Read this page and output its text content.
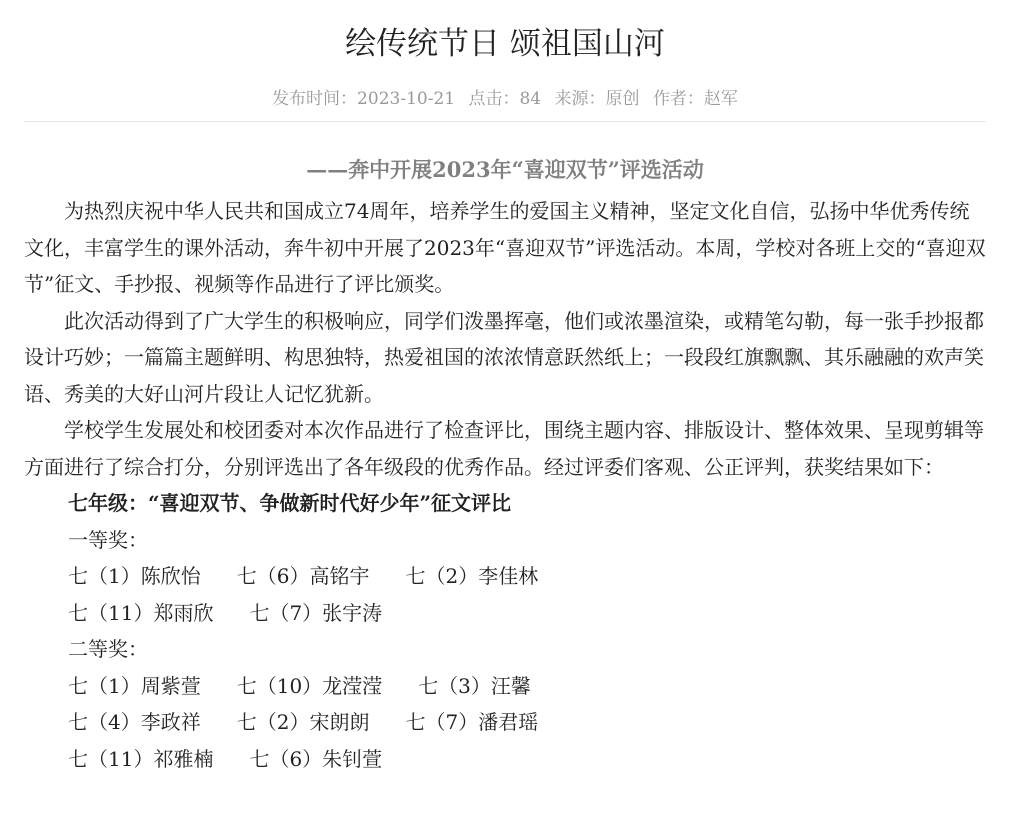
绘传统节日 颂祖国山河
发布时间：2023-10-21 点击：84 来源：原创 作者：赵军
——奔中开展2023年“喜迎双节”评选活动

为热烈庆祝中华人民共和国成立74周年，培养学生的爱国主义精神，坚定文化自信，弘扬中华优秀传统文化，丰富学生的课外活动，奔牛初中开展了2023年“喜迎双节”评选活动。本周，学校对各班上交的“喜迎双节”征文、手抄报、视频等作品进行了评比颁奖。

此次活动得到了广大学生的积极响应，同学们泼墨挥毫，他们或浓墨渲染，或精笔勾勒，每一张手抄报都设计巧妙；一篇篇主题鲜明、构思独特，热爱祖国的浓浓情意跃然纸上；一段段红旗飘飘、其乐融融的欢声笑语、秀美的大好山河片段让人记忆犹新。

学校学生发展处和校团委对本次作品进行了检查评比，围绕主题内容、排版设计、整体效果、呈现剪辑等方面进行了综合打分，分别评选出了各年级段的优秀作品。经过评委们客观、公正评判，获奖结果如下：

七年级：“喜迎双节、争做新时代好少年”征文评比
一等奖：
七（1）陈欣怡 七（6）高铭宇 七（2）李佳林
七（11）郑雨欣 七（7）张宇涛
二等奖：
七（1）周紫萱 七（10）龙滢滢 七（3）汪馨
七（4）李政祥 七（2）宋朗朗 七（7）潘君瑶
七（11）祁雅楠 七（6）朱钊萱
